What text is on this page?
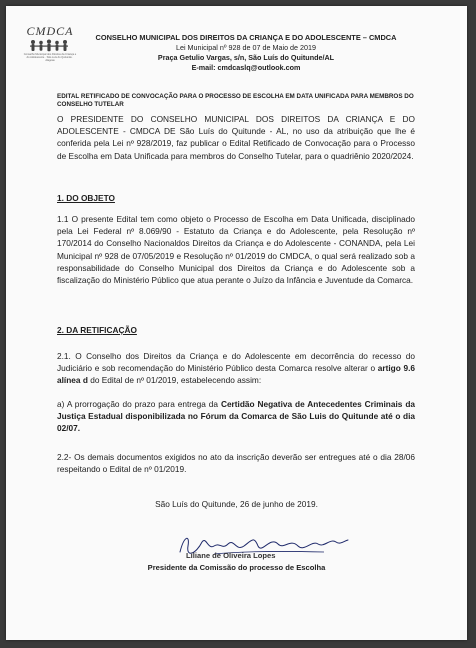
CMDCA
Conselho Municipal dos Direitos da Criança e do Adolescente · São Luís do Quitunde · Alagoas
CONSELHO MUNICIPAL DOS DIREITOS DA CRIANÇA E DO ADOLESCENTE – CMDCA
Lei Municipal nº 928 de 07 de Maio de 2019
Praça Getulio Vargas, s/n, São Luís do Quitunde/AL
E-mail: cmdcaslq@outlook.com
EDITAL RETIFICADO DE CONVOCAÇÃO PARA O PROCESSO DE ESCOLHA EM DATA UNIFICADA PARA MEMBROS DO CONSELHO TUTELAR
O PRESIDENTE DO CONSELHO MUNICIPAL DOS DIREITOS DA CRIANÇA E DO ADOLESCENTE - CMDCA DE São Luís do Quitunde - AL, no uso da atribuição que lhe é conferida pela Lei nº 928/2019, faz publicar o Edital Retificado de Convocação para o Processo de Escolha em Data Unificada para membros do Conselho Tutelar, para o quadriênio 2020/2024.
1. DO OBJETO
1.1 O presente Edital tem como objeto o Processo de Escolha em Data Unificada, disciplinado pela Lei Federal nº 8.069/90 - Estatuto da Criança e do Adolescente, pela Resolução nº 170/2014 do Conselho Nacionaldos Direitos da Criança e do Adolescente - CONANDA, pela Lei Municipal nº 928 de 07/05/2019 e Resolução nº 01/2019 do CMDCA, o qual será realizado sob a responsabilidade do Conselho Municipal dos Direitos da Criança e do Adolescente sob a fiscalização do Ministério Público que atua perante o Juízo da Infância e Juventude da Comarca.
2. DA RETIFICAÇÃO
2.1. O Conselho dos Direitos da Criança e do Adolescente em decorrência do recesso do Judiciário e sob recomendação do Ministério Público desta Comarca resolve alterar o artigo 9.6 alínea d do Edital de nº 01/2019, estabelecendo assim:
a) A prorrogação do prazo para entrega da Certidão Negativa de Antecedentes Criminais da Justiça Estadual disponibilizada no Fórum da Comarca de São Luis do Quitunde até o dia 02/07.
2.2- Os demais documentos exigidos no ato da inscrição deverão ser entregues até o dia 28/06 respeitando o Edital de nº 01/2019.
São Luís do Quitunde, 26 de junho de 2019.
Liliane de Oliveira Lopes
Presidente da Comissão do processo de Escolha
